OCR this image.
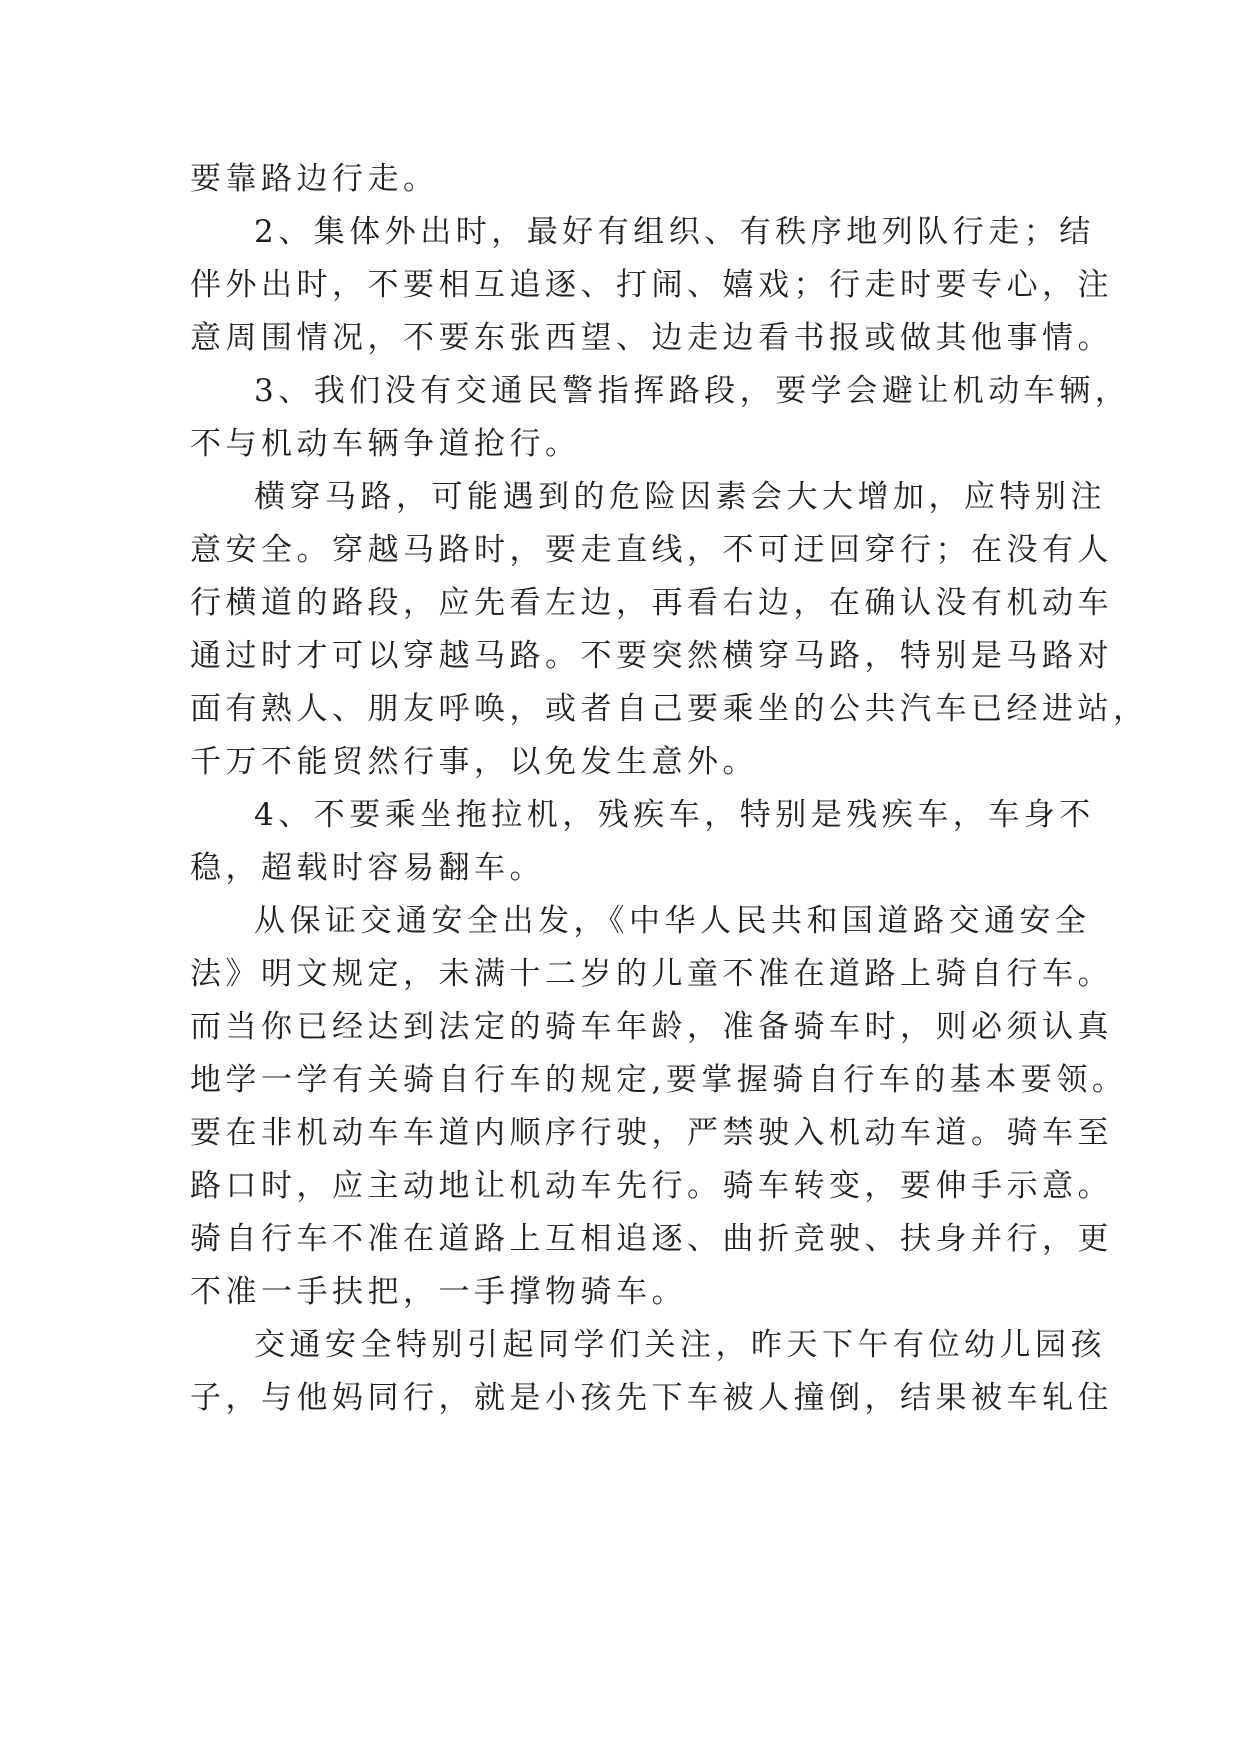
要靠路边行走。
2、集体外出时，最好有组织、有秩序地列队行走；结
伴外出时，不要相互追逐、打闹、嬉戏；行走时要专心，注
意周围情况，不要东张西望、边走边看书报或做其他事情。
3、我们没有交通民警指挥路段，要学会避让机动车辆，
不与机动车辆争道抢行。
横穿马路，可能遇到的危险因素会大大增加，应特别注
意安全。穿越马路时，要走直线，不可迂回穿行；在没有人
行横道的路段，应先看左边，再看右边，在确认没有机动车
通过时才可以穿越马路。不要突然横穿马路，特别是马路对
面有熟人、朋友呼唤，或者自己要乘坐的公共汽车已经进站，
千万不能贸然行事，以免发生意外。
4、不要乘坐拖拉机，残疾车，特别是残疾车，车身不
稳，超载时容易翻车。
从保证交通安全出发，《中华人民共和国道路交通安全
法》明文规定，未满十二岁的儿童不准在道路上骑自行车。
而当你已经达到法定的骑车年龄，准备骑车时，则必须认真
地学一学有关骑自行车的规定,要掌握骑自行车的基本要领。
要在非机动车车道内顺序行驶，严禁驶入机动车道。骑车至
路口时，应主动地让机动车先行。骑车转变，要伸手示意。
骑自行车不准在道路上互相追逐、曲折竞驶、扶身并行，更
不准一手扶把，一手撑物骑车。
交通安全特别引起同学们关注，昨天下午有位幼儿园孩
子，与他妈同行，就是小孩先下车被人撞倒，结果被车轧住
